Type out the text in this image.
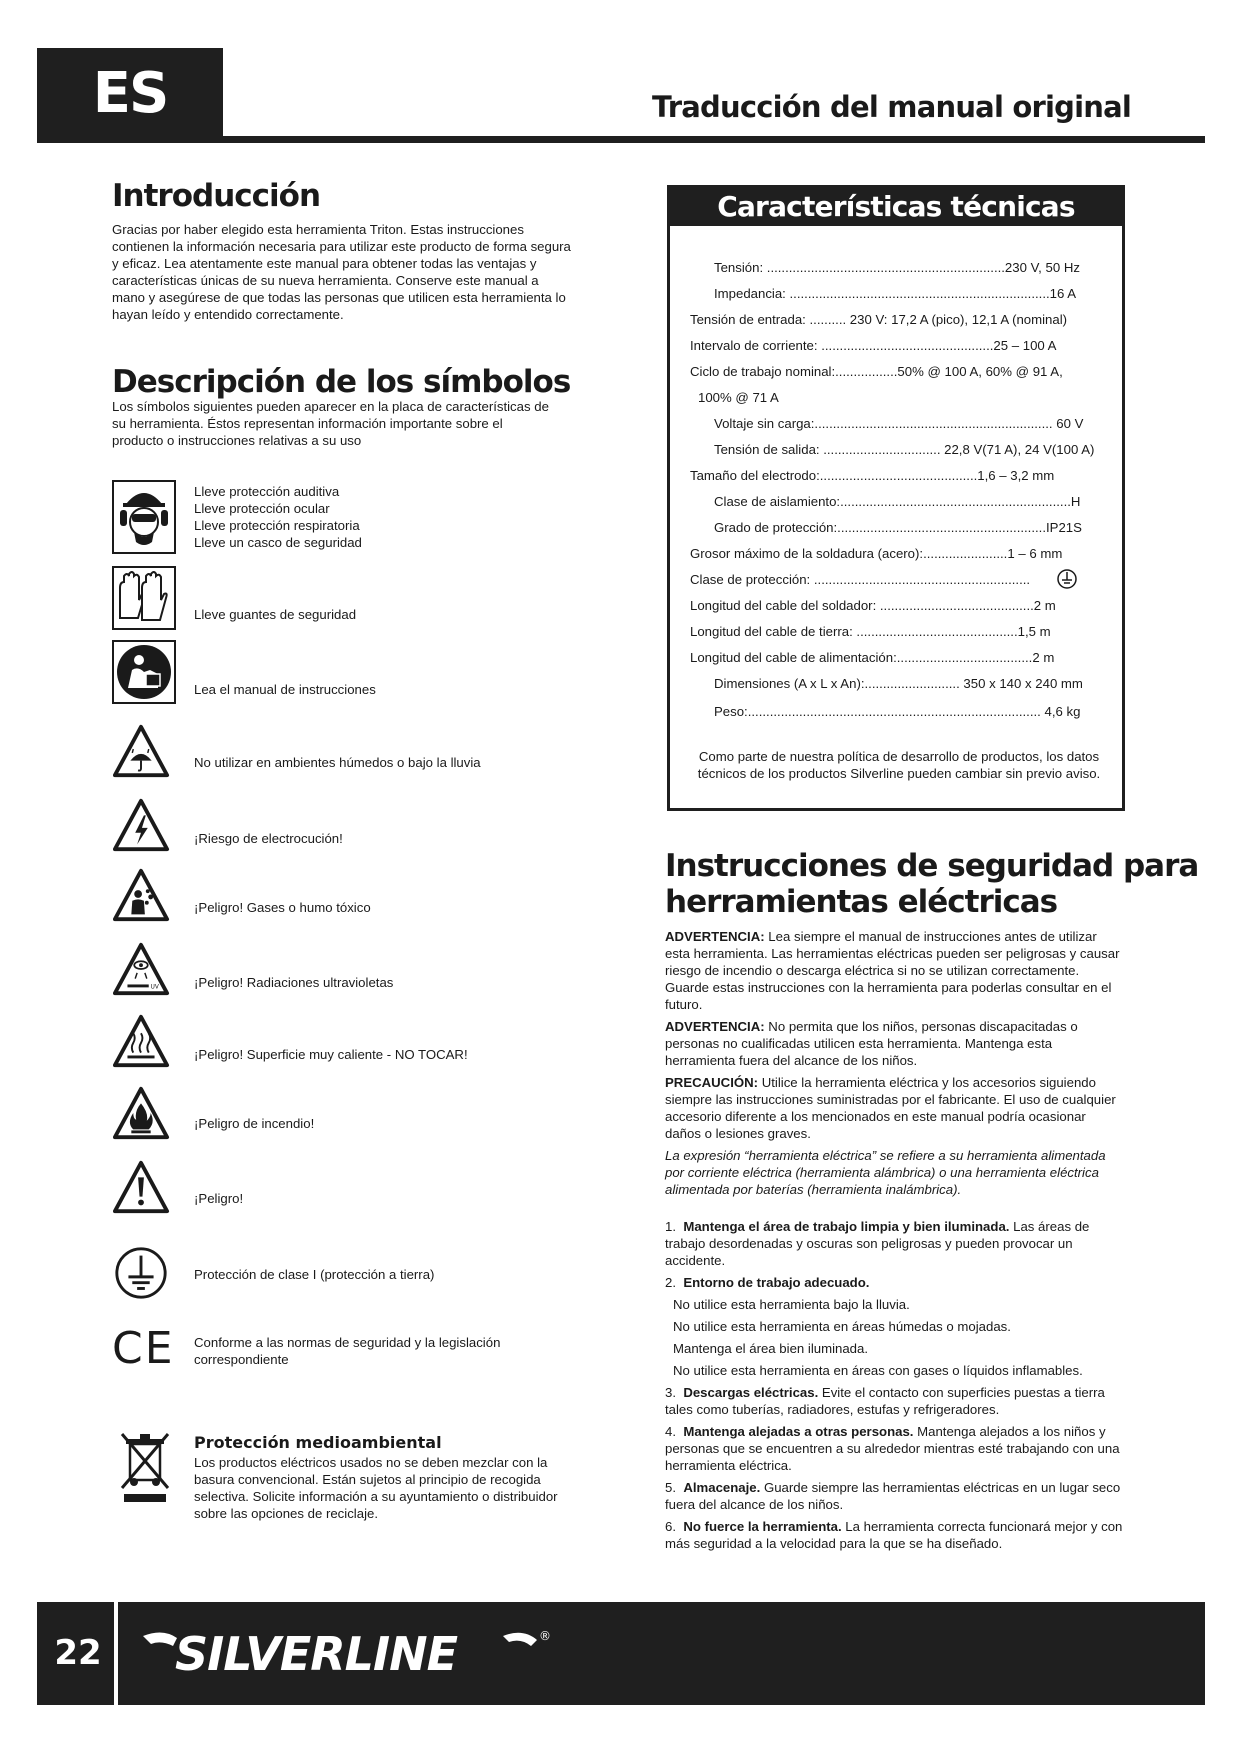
ES	Traducción del manual original
Introducción

Gracias por haber elegido esta herramienta Triton. Estas instrucciones contienen la información necesaria para utilizar este producto de forma segura y eficaz. Lea atentamente este manual para obtener todas las ventajas y características únicas de su nueva herramienta. Conserve este manual a mano y asegúrese de que todas las personas que utilicen esta herramienta lo hayan leído y entendido correctamente.

Descripción de los símbolos

Los símbolos siguientes pueden aparecer en la placa de características de su herramienta. Éstos representan información importante sobre el producto o instrucciones relativas a su uso

Lleve protección auditiva
Lleve protección ocular
Lleve protección respiratoria
Lleve un casco de seguridad
Lleve guantes de seguridad
Lea el manual de instrucciones
No utilizar en ambientes húmedos o bajo la lluvia
¡Riesgo de electrocución!
¡Peligro! Gases o humo tóxico
UV	¡Peligro! Radiaciones ultravioletas
¡Peligro! Superficie muy caliente - NO TOCAR!
¡Peligro de incendio!
¡Peligro!
Protección de clase I (protección a tierra)
CE Conforme a las normas de seguridad y la legislación
correspondiente
Protección medioambiental

Los productos eléctricos usados no se deben mezclar con la basura convencional. Están sujetos al principio de recogida selectiva. Solicite información a su ayuntamiento o distribuidor sobre las opciones de reciclaje.

Características técnicas
Tensión: .................................................................230 V, 50 Hz
Impedancia: .......................................................................16 A
Tensión de entrada: .......... 230 V: 17,2 A (pico), 12,1 A (nominal)
Intervalo de corriente: ...............................................25 – 100 A
Ciclo de trabajo nominal:.................50% @ 100 A, 60% @ 91 A,
100% @ 71 A
Voltaje sin carga:................................................................. 60 V
Tensión de salida: ................................ 22,8 V(71 A), 24 V(100 A)
Tamaño del electrodo:...........................................1,6 – 3,2 mm
Clase de aislamiento:...............................................................H
Grado de protección:.........................................................IP21S
Grosor máximo de la soldadura (acero):.......................1 – 6 mm
Clase de protección: ...........................................................
Longitud del cable del soldador: ..........................................2 m
Longitud del cable de tierra: ............................................1,5 m
Longitud del cable de alimentación:.....................................2 m
Dimensiones (A x L x An):.......................... 350 x 140 x 240 mm
Peso:................................................................................ 4,6 kg
Como parte de nuestra política de desarrollo de productos, los datos técnicos de los productos Silverline pueden cambiar sin previo aviso.
Instrucciones de seguridad para
herramientas eléctricas

ADVERTENCIA: Lea siempre el manual de instrucciones antes de utilizar esta herramienta. Las herramientas eléctricas pueden ser peligrosas y causar riesgo de incendio o descarga eléctrica si no se utilizan correctamente. Guarde estas instrucciones con la herramienta para poderlas consultar en el futuro.

ADVERTENCIA: No permita que los niños, personas discapacitadas o personas no cualificadas utilicen esta herramienta. Mantenga esta herramienta fuera del alcance de los niños.

PRECAUCIÓN: Utilice la herramienta eléctrica y los accesorios siguiendo siempre las instrucciones suministradas por el fabricante. El uso de cualquier accesorio diferente a los mencionados en este manual podría ocasionar daños o lesiones graves.

La expresión “herramienta eléctrica” se refiere a su herramienta alimentada por corriente eléctrica (herramienta alámbrica) o una herramienta eléctrica alimentada por baterías (herramienta inalámbrica).

1. Mantenga el área de trabajo limpia y bien iluminada. Las áreas de trabajo desordenadas y oscuras son peligrosas y pueden provocar un accidente.
2. Entorno de trabajo adecuado.
No utilice esta herramienta bajo la lluvia.
No utilice esta herramienta en áreas húmedas o mojadas.
Mantenga el área bien iluminada.
No utilice esta herramienta en áreas con gases o líquidos inflamables.
3. Descargas eléctricas. Evite el contacto con superficies puestas a tierra tales como tuberías, radiadores, estufas y refrigeradores.
4. Mantenga alejadas a otras personas. Mantenga alejados a los niños y personas que se encuentren a su alrededor mientras esté trabajando con una herramienta eléctrica.
5. Almacenaje. Guarde siempre las herramientas eléctricas en un lugar seco fuera del alcance de los niños.
6. No fuerce la herramienta. La herramienta correcta funcionará mejor y con más seguridad a la velocidad para la que se ha diseñado.
22 SILVERLINE	®
